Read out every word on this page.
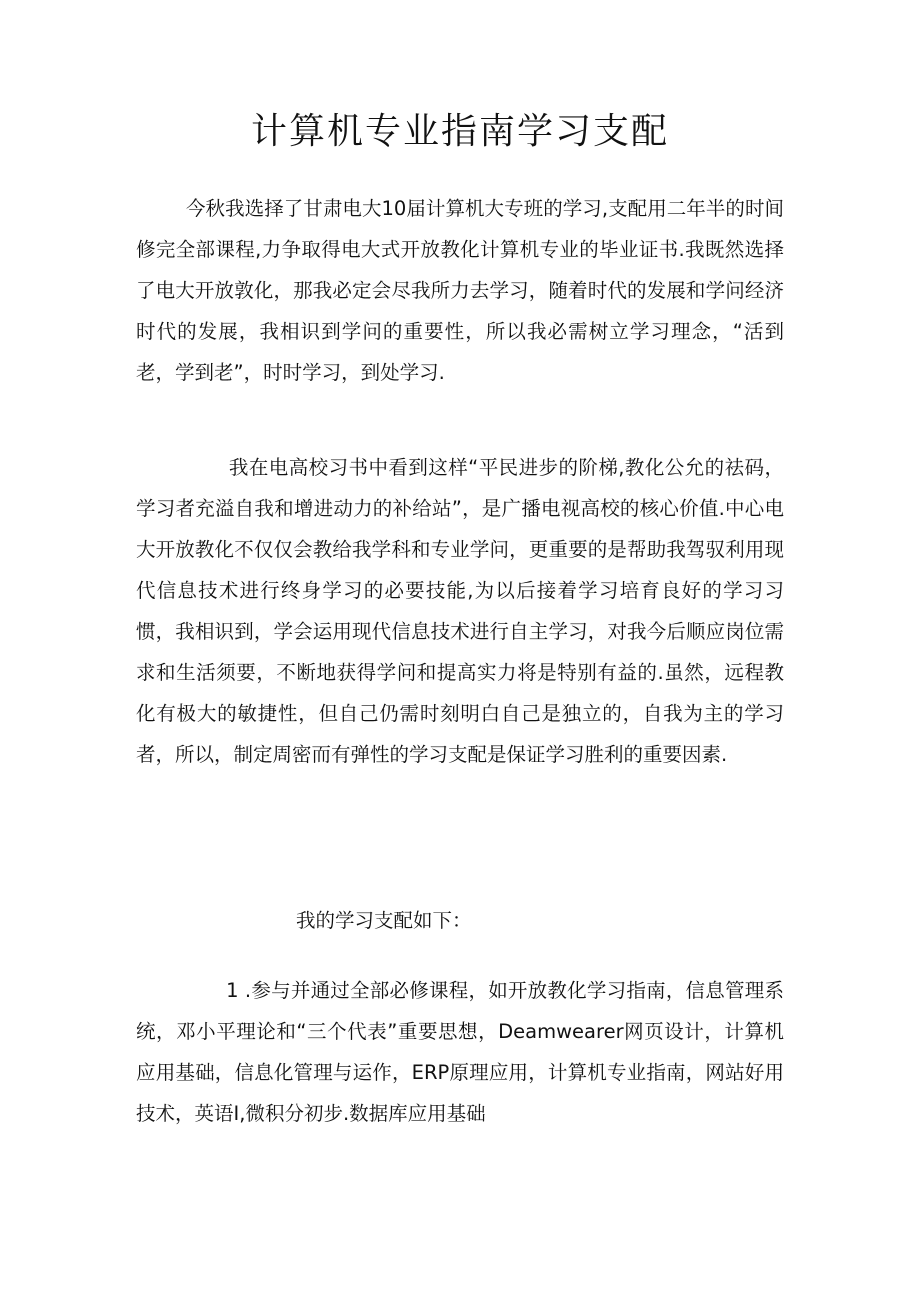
计算机专业指南学习支配
今秋我选择了甘肃电大10届计算机大专班的学习,支配用二年半的时间修完全部课程,力争取得电大式开放教化计算机专业的毕业证书.我既然选择了电大开放敦化，那我必定会尽我所力去学习，随着时代的发展和学问经济时代的发展，我相识到学问的重要性，所以我必需树立学习理念，“活到老，学到老”，时时学习，到处学习.
我在电高校习书中看到这样“平民进步的阶梯,教化公允的祛码，学习者充溢自我和增进动力的补给站”，是广播电视高校的核心价值.中心电大开放教化不仅仅会教给我学科和专业学问，更重要的是帮助我驾驭利用现代信息技术进行终身学习的必要技能,为以后接着学习培育良好的学习习惯，我相识到，学会运用现代信息技术进行自主学习，对我今后顺应岗位需求和生活须要，不断地获得学问和提高实力将是特别有益的.虽然，远程教化有极大的敏捷性，但自己仍需时刻明白自己是独立的，自我为主的学习者，所以，制定周密而有弹性的学习支配是保证学习胜利的重要因素.
我的学习支配如下：
1 .参与并通过全部必修课程，如开放教化学习指南，信息管理系统，邓小平理论和“三个代表”重要思想，Deamwearer网页设计，计算机应用基础，信息化管理与运作，ERP原理应用，计算机专业指南，网站好用技术，英语I,微积分初步.数据库应用基础
